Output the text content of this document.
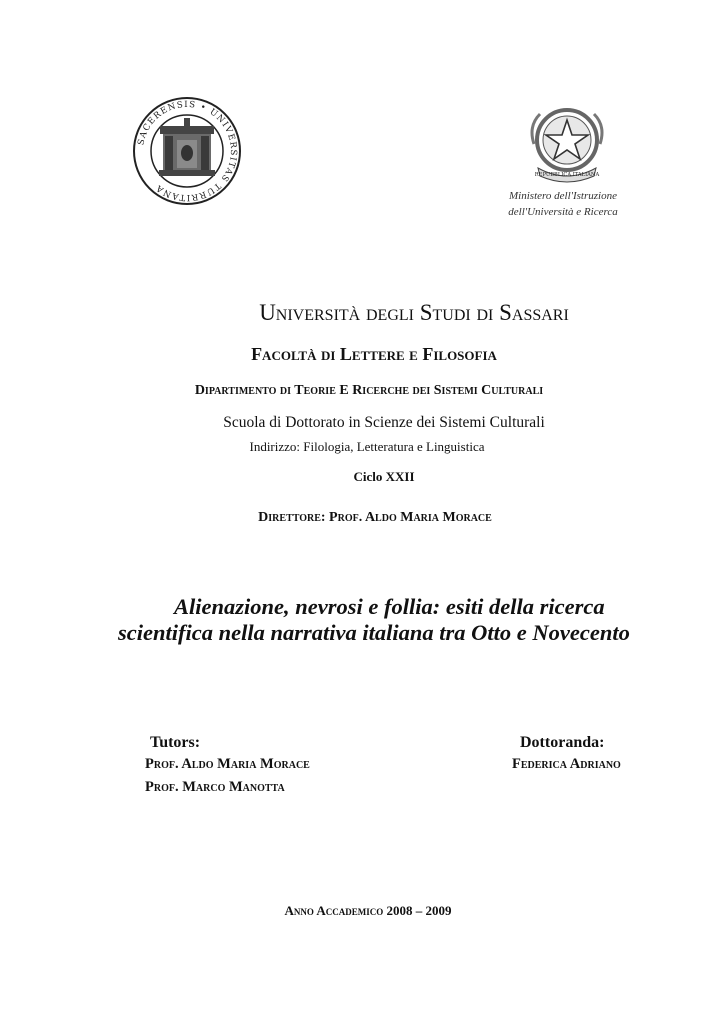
SACERENSIS • UNIVERSITAS TURRITANA
REPUBBLICA ITALIANA
Ministero dell'Istruzione
dell'Università e Ricerca
Università degli Studi di Sassari
Facoltà di Lettere e Filosofia
Dipartimento di Teorie E Ricerche dei Sistemi Culturali
Scuola di Dottorato in Scienze dei Sistemi Culturali
Indirizzo: Filologia, Letteratura e Linguistica
Ciclo XXII
Direttore: Prof. Aldo Maria Morace
Alienazione, nevrosi e follia: esiti della ricerca
scientifica nella narrativa italiana tra Otto e Novecento
Tutors:
Prof. Aldo Maria Morace
Prof. Marco Manotta
Dottoranda:
Federica Adriano
Anno Accademico 2008 – 2009
